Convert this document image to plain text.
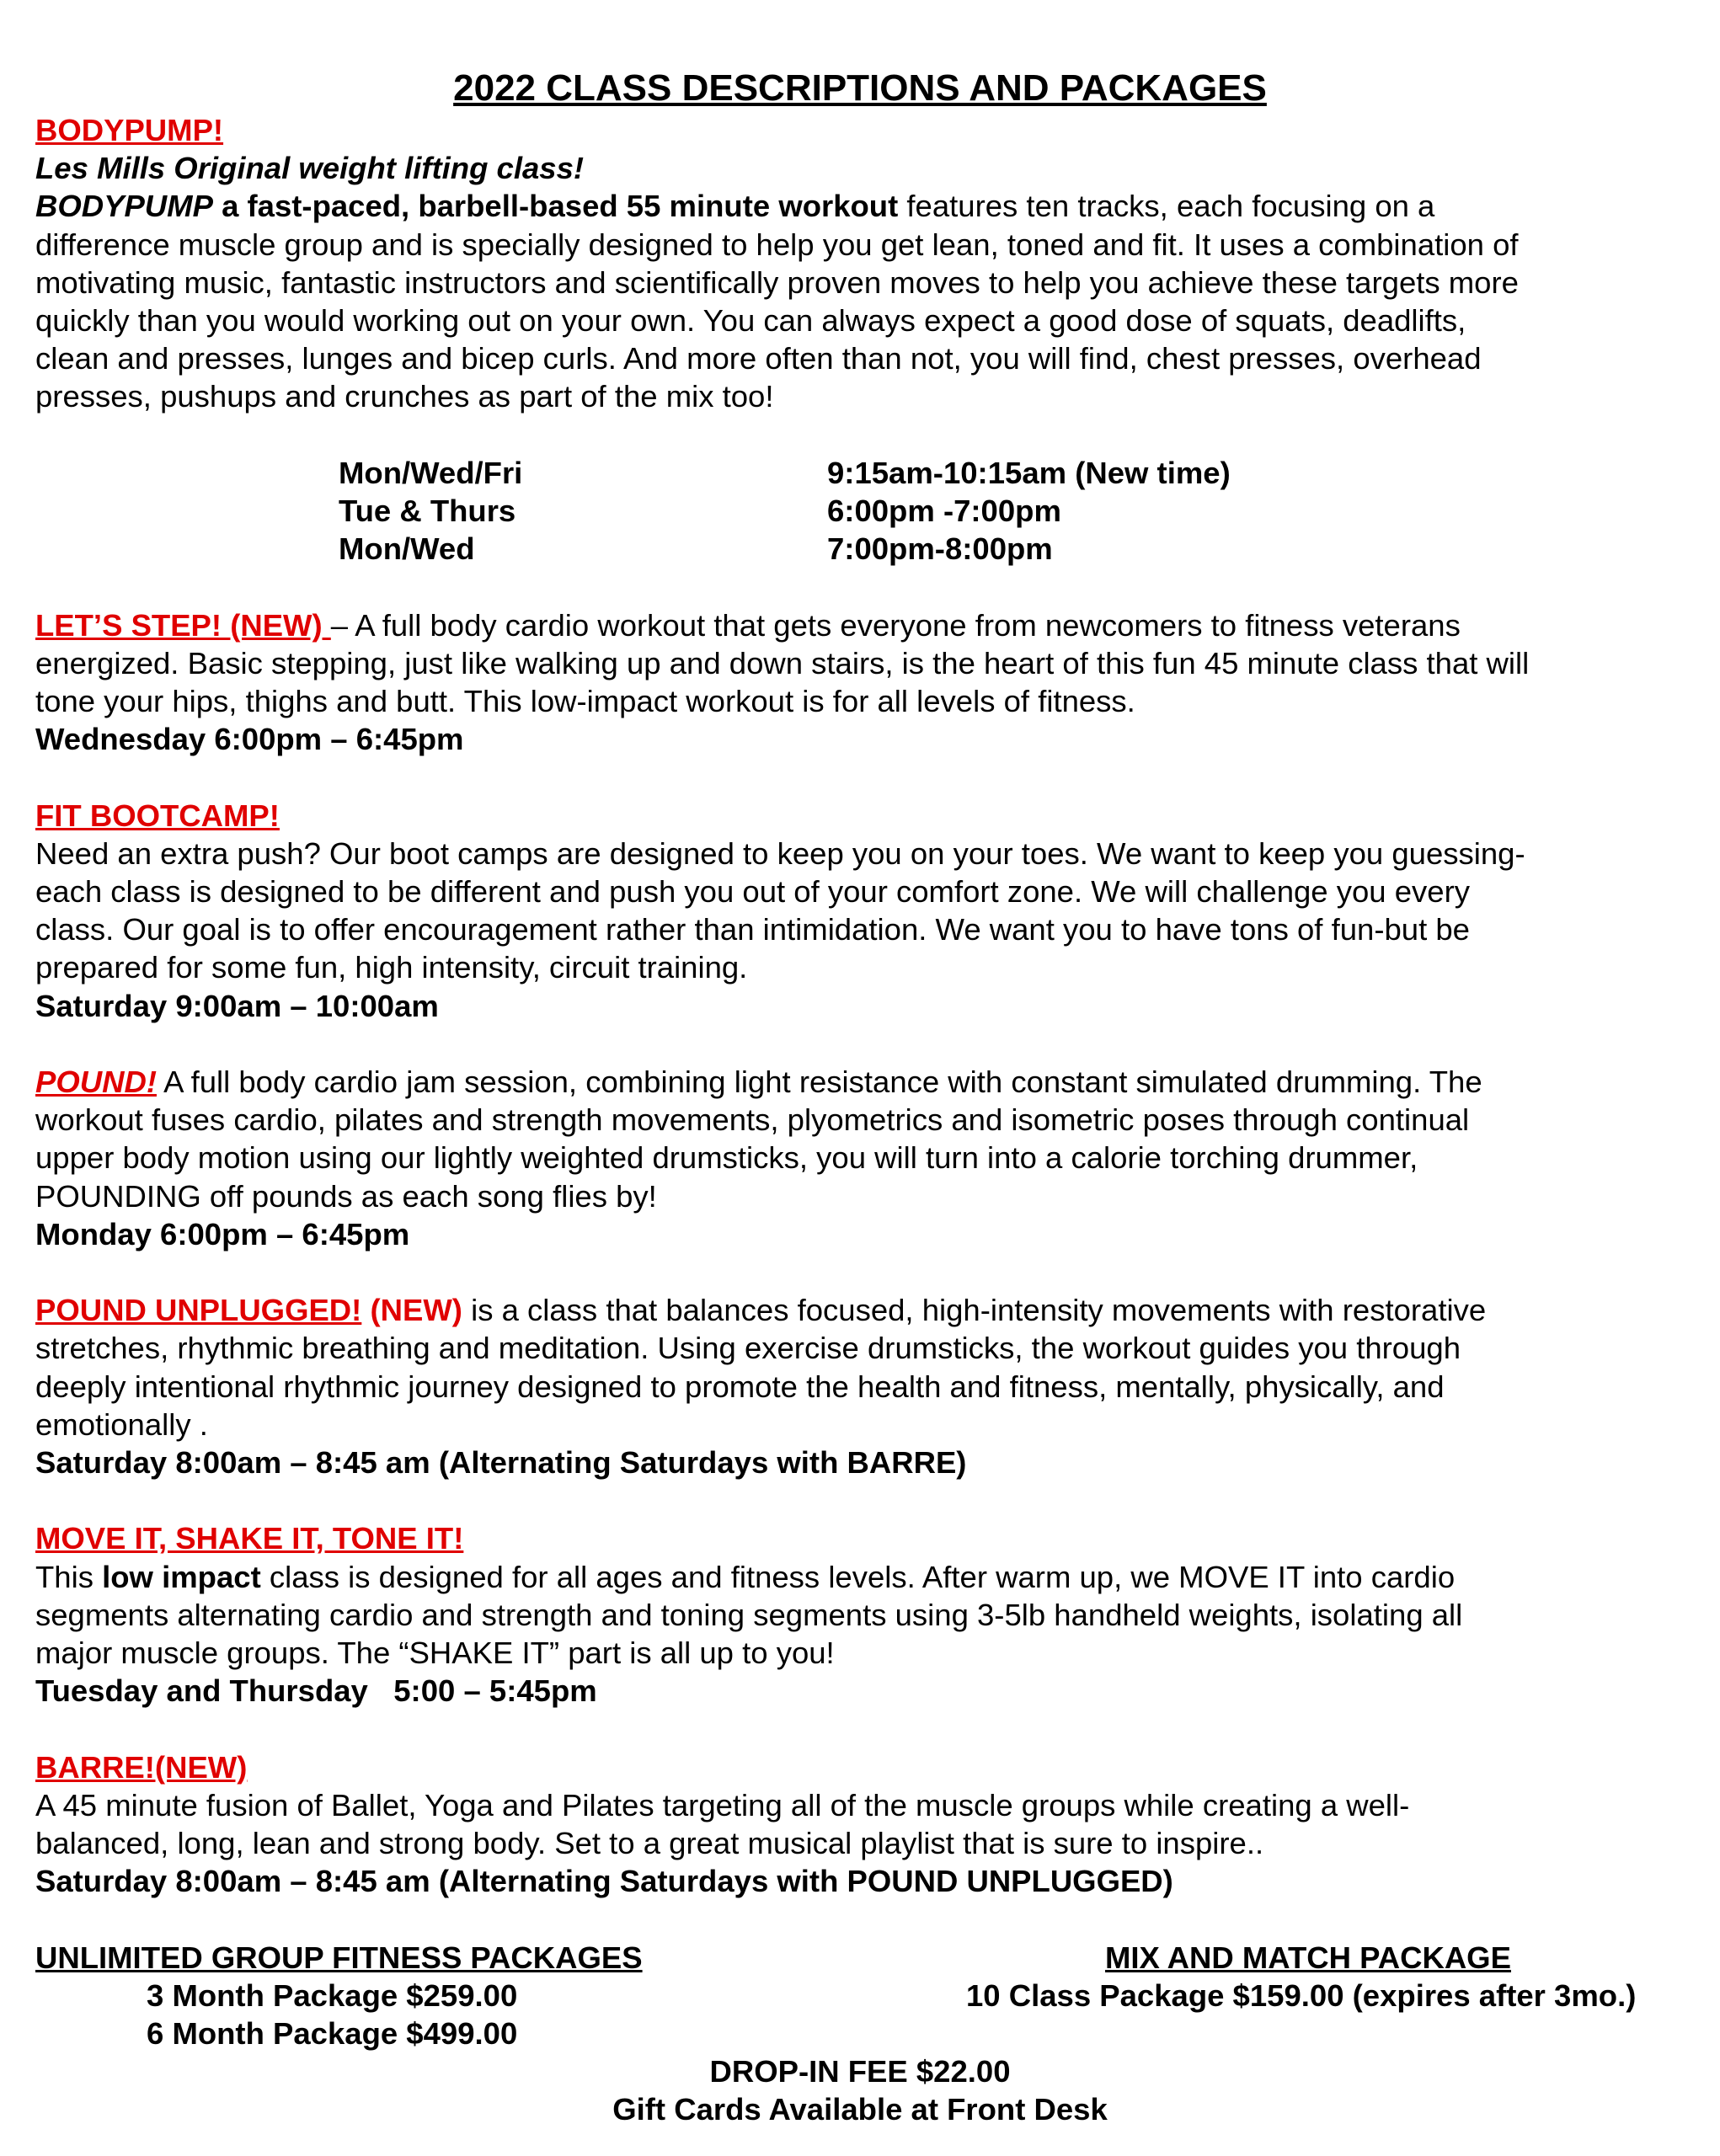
2022 CLASS DESCRIPTIONS AND PACKAGES
BODYPUMP!
Les Mills Original weight lifting class!
BODYPUMP a fast-paced, barbell-based 55 minute workout features ten tracks, each focusing on a
difference muscle group and is specially designed to help you get lean, toned and fit. It uses a combination of
motivating music, fantastic instructors and scientifically proven moves to help you achieve these targets more
quickly than you would working out on your own. You can always expect a good dose of squats, deadlifts,
clean and presses, lunges and bicep curls. And more often than not, you will find, chest presses, overhead
presses, pushups and crunches as part of the mix too!
Mon/Wed/Fri	9:15am-10:15am (New time)
Tue & Thurs	6:00pm -7:00pm
Mon/Wed	7:00pm-8:00pm
LET’S STEP! (NEW) – A full body cardio workout that gets everyone from newcomers to fitness veterans
energized. Basic stepping, just like walking up and down stairs, is the heart of this fun 45 minute class that will
tone your hips, thighs and butt. This low-impact workout is for all levels of fitness.
Wednesday 6:00pm – 6:45pm
FIT BOOTCAMP!
Need an extra push? Our boot camps are designed to keep you on your toes. We want to keep you guessing-
each class is designed to be different and push you out of your comfort zone. We will challenge you every
class. Our goal is to offer encouragement rather than intimidation. We want you to have tons of fun-but be
prepared for some fun, high intensity, circuit training.
Saturday 9:00am – 10:00am
POUND! A full body cardio jam session, combining light resistance with constant simulated drumming. The
workout fuses cardio, pilates and strength movements, plyometrics and isometric poses through continual
upper body motion using our lightly weighted drumsticks, you will turn into a calorie torching drummer,
POUNDING off pounds as each song flies by!
Monday 6:00pm – 6:45pm
POUND UNPLUGGED! (NEW) is a class that balances focused, high-intensity movements with restorative
stretches, rhythmic breathing and meditation. Using exercise drumsticks, the workout guides you through
deeply intentional rhythmic journey designed to promote the health and fitness, mentally, physically, and
emotionally .
Saturday 8:00am – 8:45 am (Alternating Saturdays with BARRE)
MOVE IT, SHAKE IT, TONE IT!
This low impact class is designed for all ages and fitness levels. After warm up, we MOVE IT into cardio
segments alternating cardio and strength and toning segments using 3-5lb handheld weights, isolating all
major muscle groups. The “SHAKE IT” part is all up to you!
Tuesday and Thursday   5:00 – 5:45pm
BARRE!(NEW)
A 45 minute fusion of Ballet, Yoga and Pilates targeting all of the muscle groups while creating a well-
balanced, long, lean and strong body. Set to a great musical playlist that is sure to inspire..
Saturday 8:00am – 8:45 am (Alternating Saturdays with POUND UNPLUGGED)
UNLIMITED GROUP FITNESS PACKAGES	MIX AND MATCH PACKAGE
3 Month Package $259.00	10 Class Package $159.00 (expires after 3mo.)
6 Month Package $499.00
DROP-IN FEE $22.00
Gift Cards Available at Front Desk
